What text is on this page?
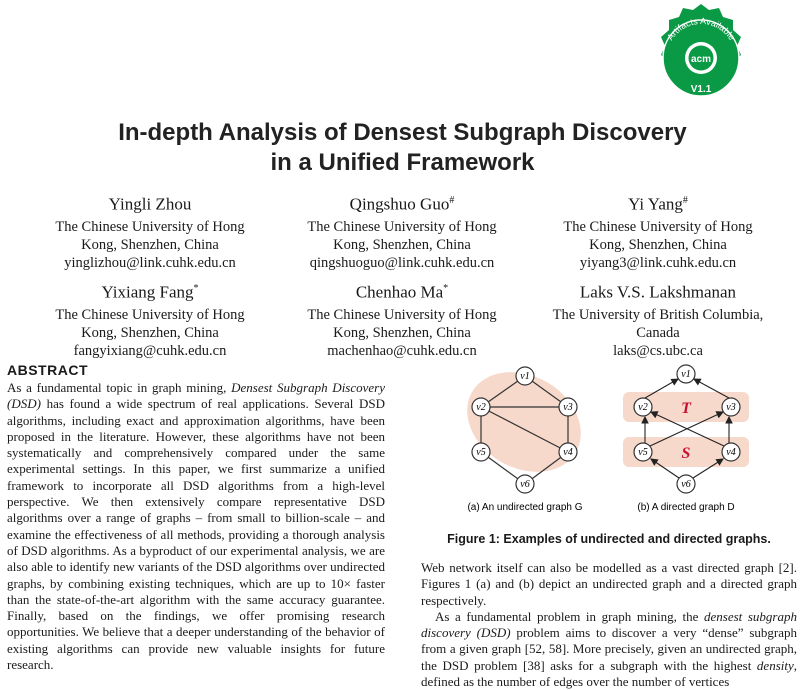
acm
Artifacts Available
V1.1
In-depth Analysis of Densest Subgraph Discovery
in a Unified Framework
Yingli Zhou
The Chinese University of Hong
Kong, Shenzhen, China
yinglizhou@link.cuhk.edu.cn
Qingshuo Guo#
The Chinese University of Hong
Kong, Shenzhen, China
qingshuoguo@link.cuhk.edu.cn
Yi Yang#
The Chinese University of Hong
Kong, Shenzhen, China
yiyang3@link.cuhk.edu.cn
Yixiang Fang*
The Chinese University of Hong
Kong, Shenzhen, China
fangyixiang@cuhk.edu.cn
Chenhao Ma*
The Chinese University of Hong
Kong, Shenzhen, China
machenhao@cuhk.edu.cn
Laks V.S. Lakshmanan
The University of British Columbia,
Canada
laks@cs.ubc.ca
ABSTRACT
As a fundamental topic in graph mining, Densest Subgraph Discovery (DSD) has found a wide spectrum of real applications. Several DSD algorithms, including exact and approximation algorithms, have been proposed in the literature. However, these algorithms have not been systematically and comprehensively compared under the same experimental settings. In this paper, we first summarize a unified framework to incorporate all DSD algorithms from a high-level perspective. We then extensively compare representative DSD algorithms over a range of graphs – from small to billion-scale – and examine the effectiveness of all methods, providing a thorough analysis of DSD algorithms. As a byproduct of our experimental analysis, we are also able to identify new variants of the DSD algorithms over undirected graphs, by combining existing techniques, which are up to 10× faster than the state-of-the-art algorithm with the same accuracy guarantee. Finally, based on the findings, we offer promising research opportunities. We believe that a deeper understanding of the behavior of existing algorithms can provide new valuable insights for future research.
v1
v2	v3
v4
v5
v6
(a) An undirected graph G
v1
v2	v3
v4
v5
v6
T
S
(b) A directed graph D
Figure 1: Examples of undirected and directed graphs.

Web network itself can also be modelled as a vast directed graph [2]. Figures 1 (a) and (b) depict an undirected graph and a directed graph respectively.

As a fundamental problem in graph mining, the densest subgraph discovery (DSD) problem aims to discover a very “dense” subgraph from a given graph [52, 58]. More precisely, given an undirected graph, the DSD problem [38] asks for a subgraph with the highest density, defined as the number of edges over the number of vertices
